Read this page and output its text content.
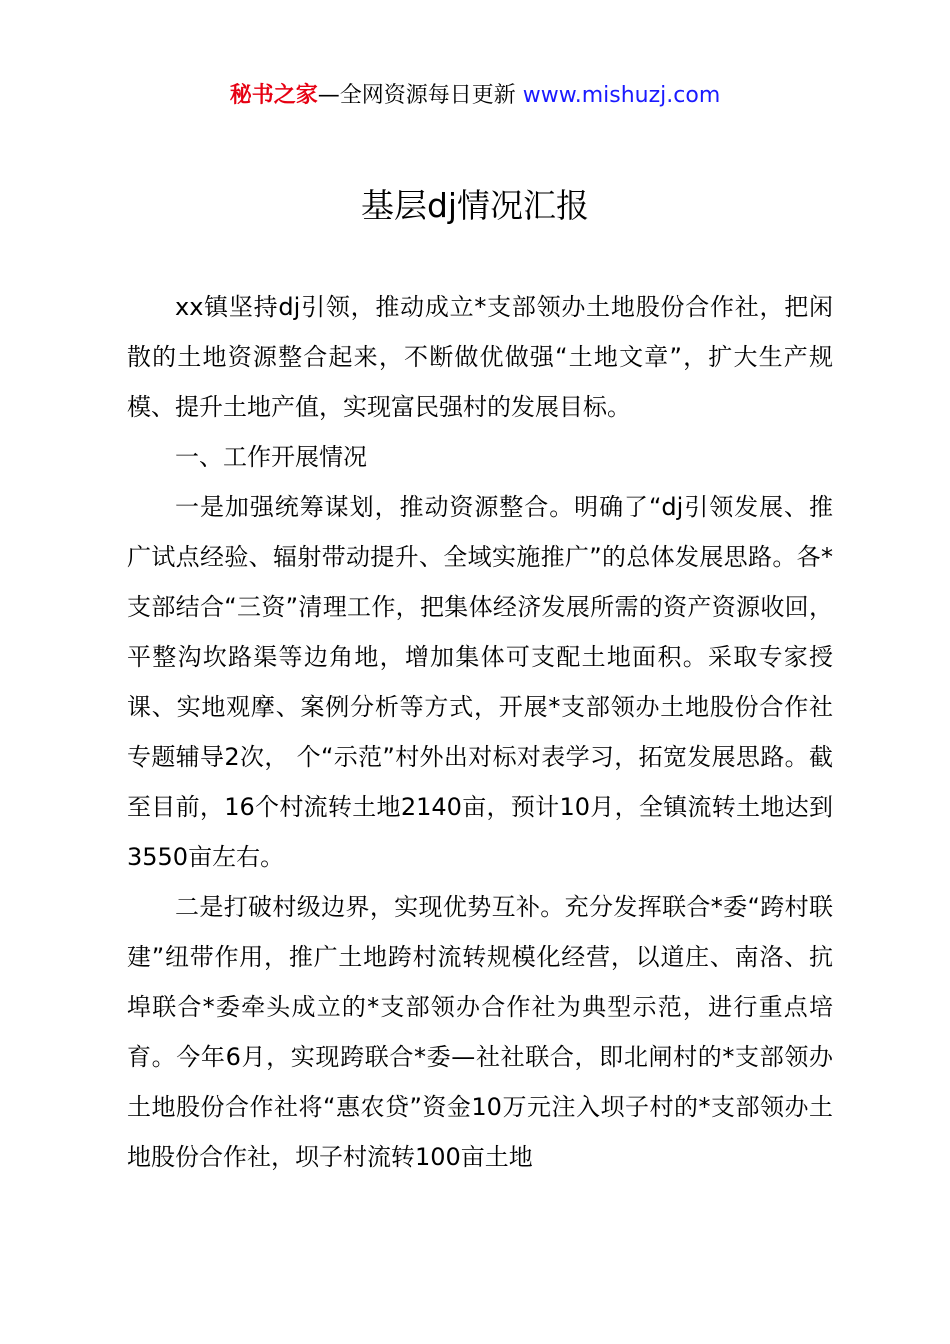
秘书之家—全网资源每日更新 www.mishuzj.com
基层dj情况汇报

xx镇坚持dj引领，推动成立*支部领办土地股份合作社，把闲散的土地资源整合起来，不断做优做强“土地文章”，扩大生产规模、提升土地产值，实现富民强村的发展目标。

一、工作开展情况

一是加强统筹谋划，推动资源整合。明确了“dj引领发展、推广试点经验、辐射带动提升、全域实施推广”的总体发展思路。各*支部结合“三资”清理工作，把集体经济发展所需的资产资源收回，平整沟坎路渠等边角地，增加集体可支配土地面积。采取专家授课、实地观摩、案例分析等方式，开展*支部领办土地股份合作社专题辅导2次， 个“示范”村外出对标对表学习，拓宽发展思路。截至目前，16个村流转土地2140亩，预计10月，全镇流转土地达到3550亩左右。

二是打破村级边界，实现优势互补。充分发挥联合*委“跨村联建”纽带作用，推广土地跨村流转规模化经营，以道庄、南洛、抗埠联合*委牵头成立的*支部领办合作社为典型示范，进行重点培育。今年6月，实现跨联合*委—社社联合，即北闸村的*支部领办土地股份合作社将“惠农贷”资金10万元注入坝子村的*支部领办土地股份合作社，坝子村流转100亩土地
